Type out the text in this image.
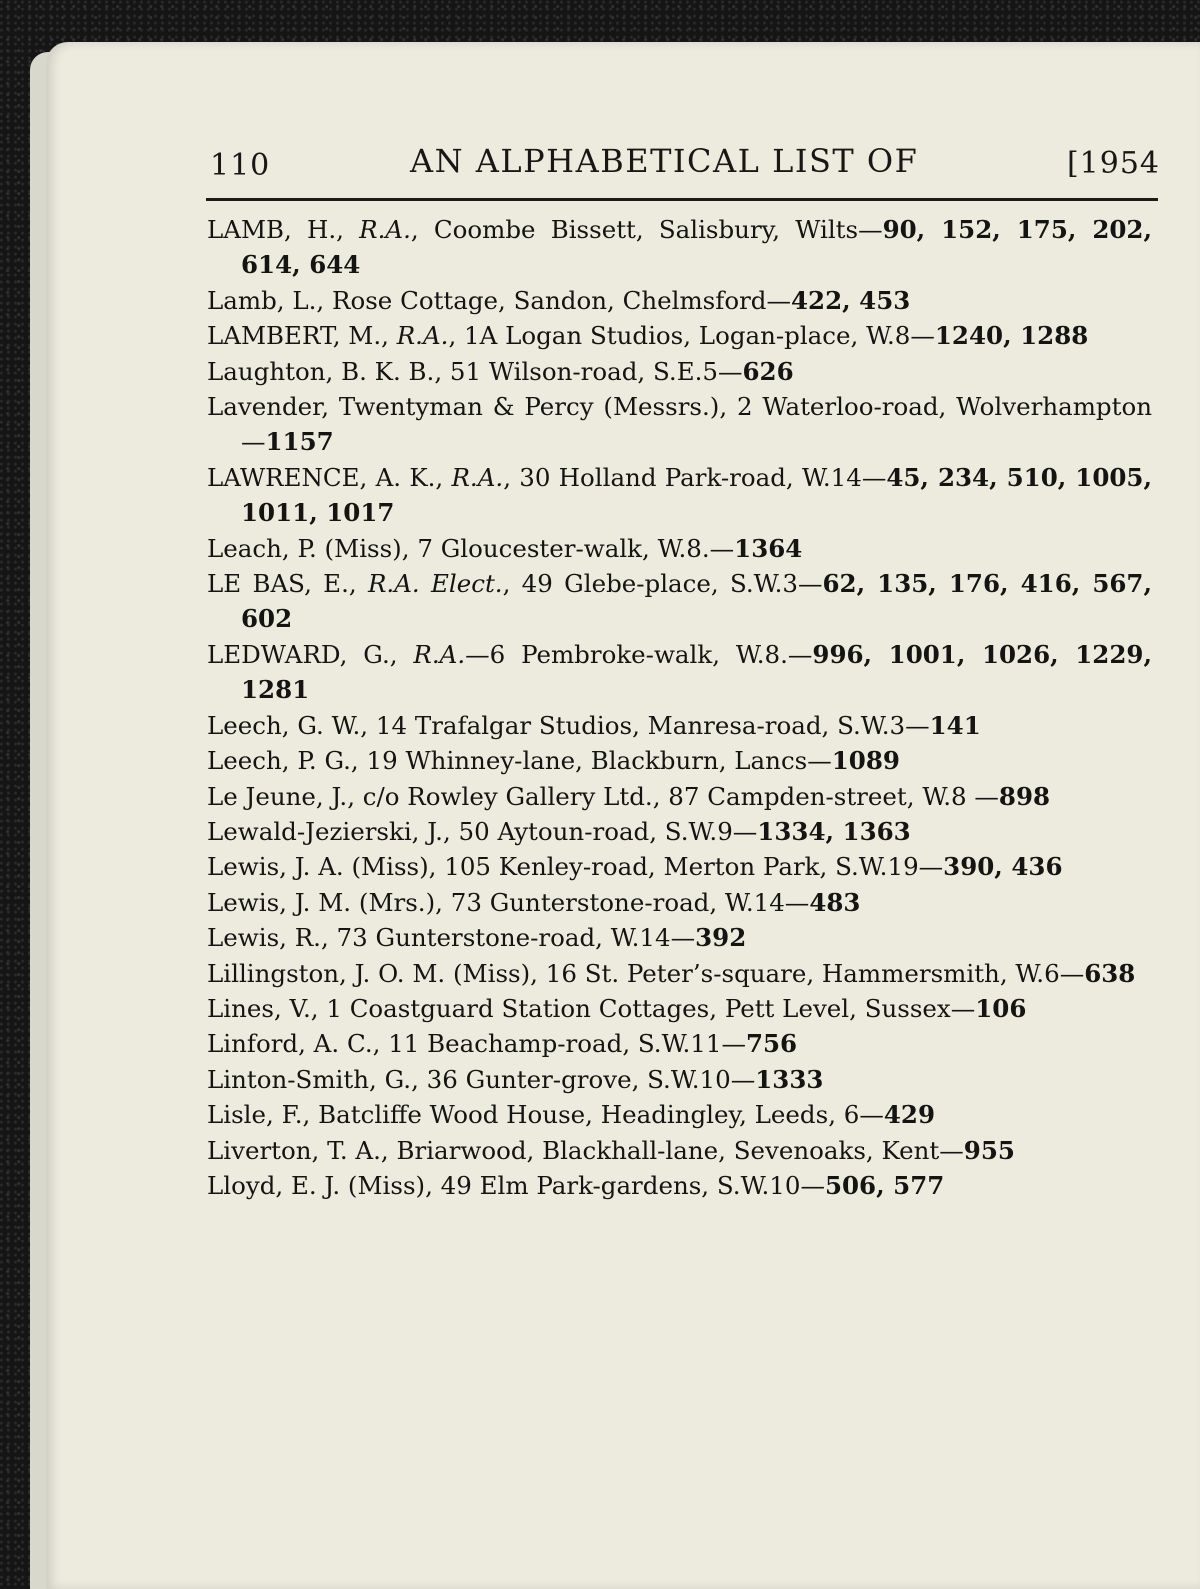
110	AN ALPHABETICAL LIST OF	[1954

LAMB, H., R.A., Coombe Bissett, Salisbury, Wilts—90, 152, 175, 202, 614, 644

Lamb, L., Rose Cottage, Sandon, Chelmsford—422, 453

LAMBERT, M., R.A., 1A Logan Studios, Logan-place, W.8—1240, 1288

Laughton, B. K. B., 51 Wilson-road, S.E.5—626

Lavender, Twentyman & Percy (Messrs.), 2 Waterloo-road, Wolverhampton—1157

LAWRENCE, A. K., R.A., 30 Holland Park-road, W.14—45, 234, 510, 1005, 1011, 1017

Leach, P. (Miss), 7 Gloucester-walk, W.8.—1364

LE BAS, E., R.A. Elect., 49 Glebe-place, S.W.3—62, 135, 176, 416, 567, 602

LEDWARD, G., R.A.—6 Pembroke-walk, W.8.—996, 1001, 1026, 1229, 1281

Leech, G. W., 14 Trafalgar Studios, Manresa-road, S.W.3—141

Leech, P. G., 19 Whinney-lane, Blackburn, Lancs—1089

Le Jeune, J., c/o Rowley Gallery Ltd., 87 Campden-street, W.8 —898

Lewald-Jezierski, J., 50 Aytoun-road, S.W.9—1334, 1363

Lewis, J. A. (Miss), 105 Kenley-road, Merton Park, S.W.19—390, 436

Lewis, J. M. (Mrs.), 73 Gunterstone-road, W.14—483

Lewis, R., 73 Gunterstone-road, W.14—392

Lillingston, J. O. M. (Miss), 16 St. Peter’s-square, Hammersmith, W.6—638

Lines, V., 1 Coastguard Station Cottages, Pett Level, Sussex—106

Linford, A. C., 11 Beachamp-road, S.W.11—756

Linton-Smith, G., 36 Gunter-grove, S.W.10—1333

Lisle, F., Batcliffe Wood House, Headingley, Leeds, 6—429

Liverton, T. A., Briarwood, Blackhall-lane, Sevenoaks, Kent—955

Lloyd, E. J. (Miss), 49 Elm Park-gardens, S.W.10—506, 577
